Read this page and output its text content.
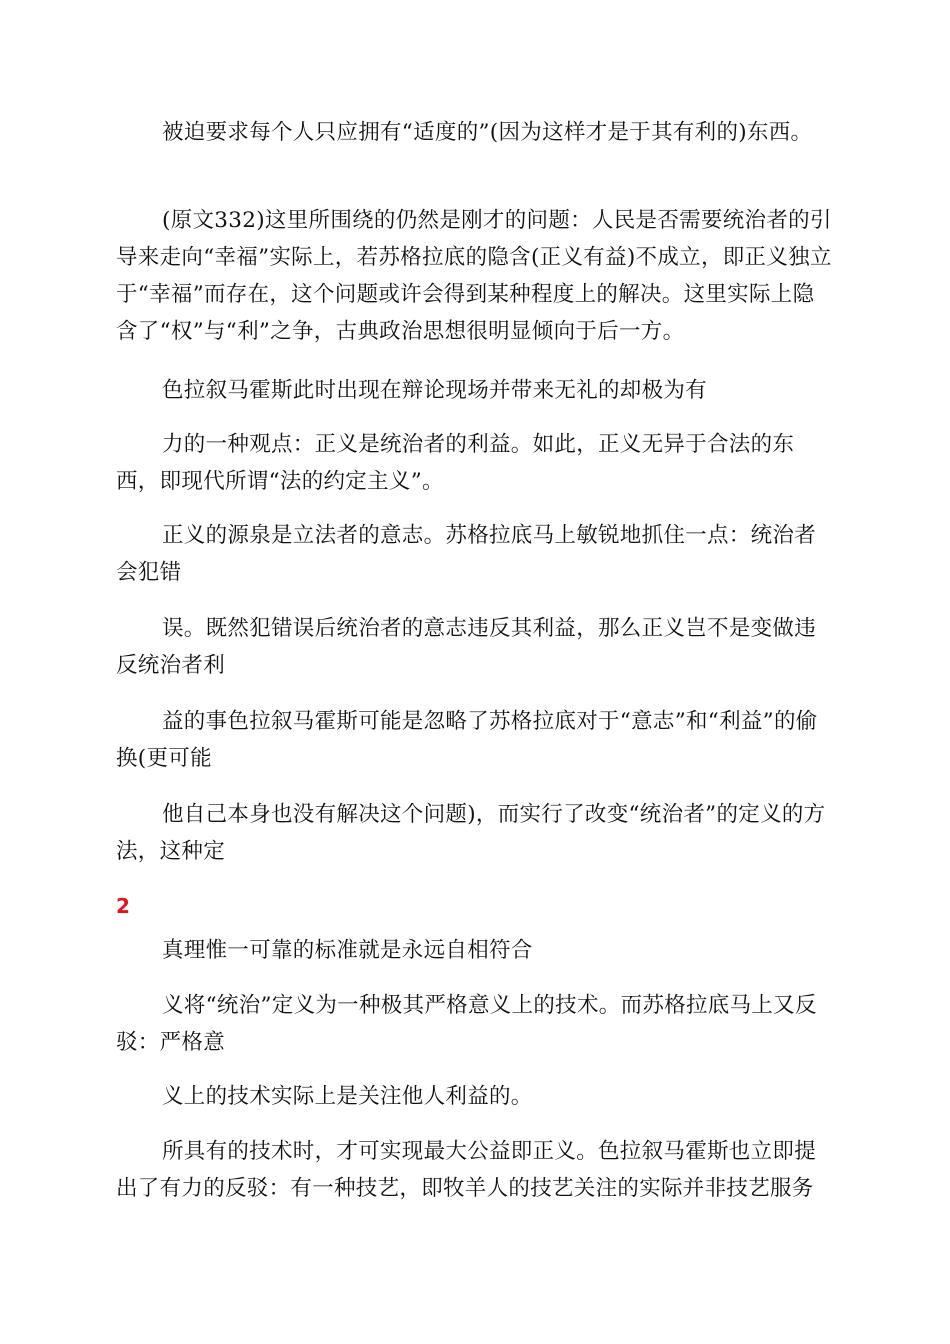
被迫要求每个人只应拥有“适度的”(因为这样才是于其有利的)东西。

(原文332)这里所围绕的仍然是刚才的问题：人民是否需要统治者的引导来走向“幸福”实际上，若苏格拉底的隐含(正义有益)不成立，即正义独立于“幸福”而存在，这个问题或许会得到某种程度上的解决。这里实际上隐含了“权”与“利”之争，古典政治思想很明显倾向于后一方。

色拉叙马霍斯此时出现在辩论现场并带来无礼的却极为有

力的一种观点：正义是统治者的利益。如此，正义无异于合法的东西，即现代所谓“法的约定主义”。

正义的源泉是立法者的意志。苏格拉底马上敏锐地抓住一点：统治者会犯错

误。既然犯错误后统治者的意志违反其利益，那么正义岂不是变做违反统治者利

益的事色拉叙马霍斯可能是忽略了苏格拉底对于“意志”和“利益”的偷换(更可能

他自己本身也没有解决这个问题)，而实行了改变“统治者”的定义的方法，这种定

2

真理惟一可靠的标准就是永远自相符合

义将“统治”定义为一种极其严格意义上的技术。而苏格拉底马上又反驳：严格意

义上的技术实际上是关注他人利益的。

所具有的技术时，才可实现最大公益即正义。色拉叙马霍斯也立即提出了有力的反驳：有一种技艺，即牧羊人的技艺关注的实际并非技艺服务
